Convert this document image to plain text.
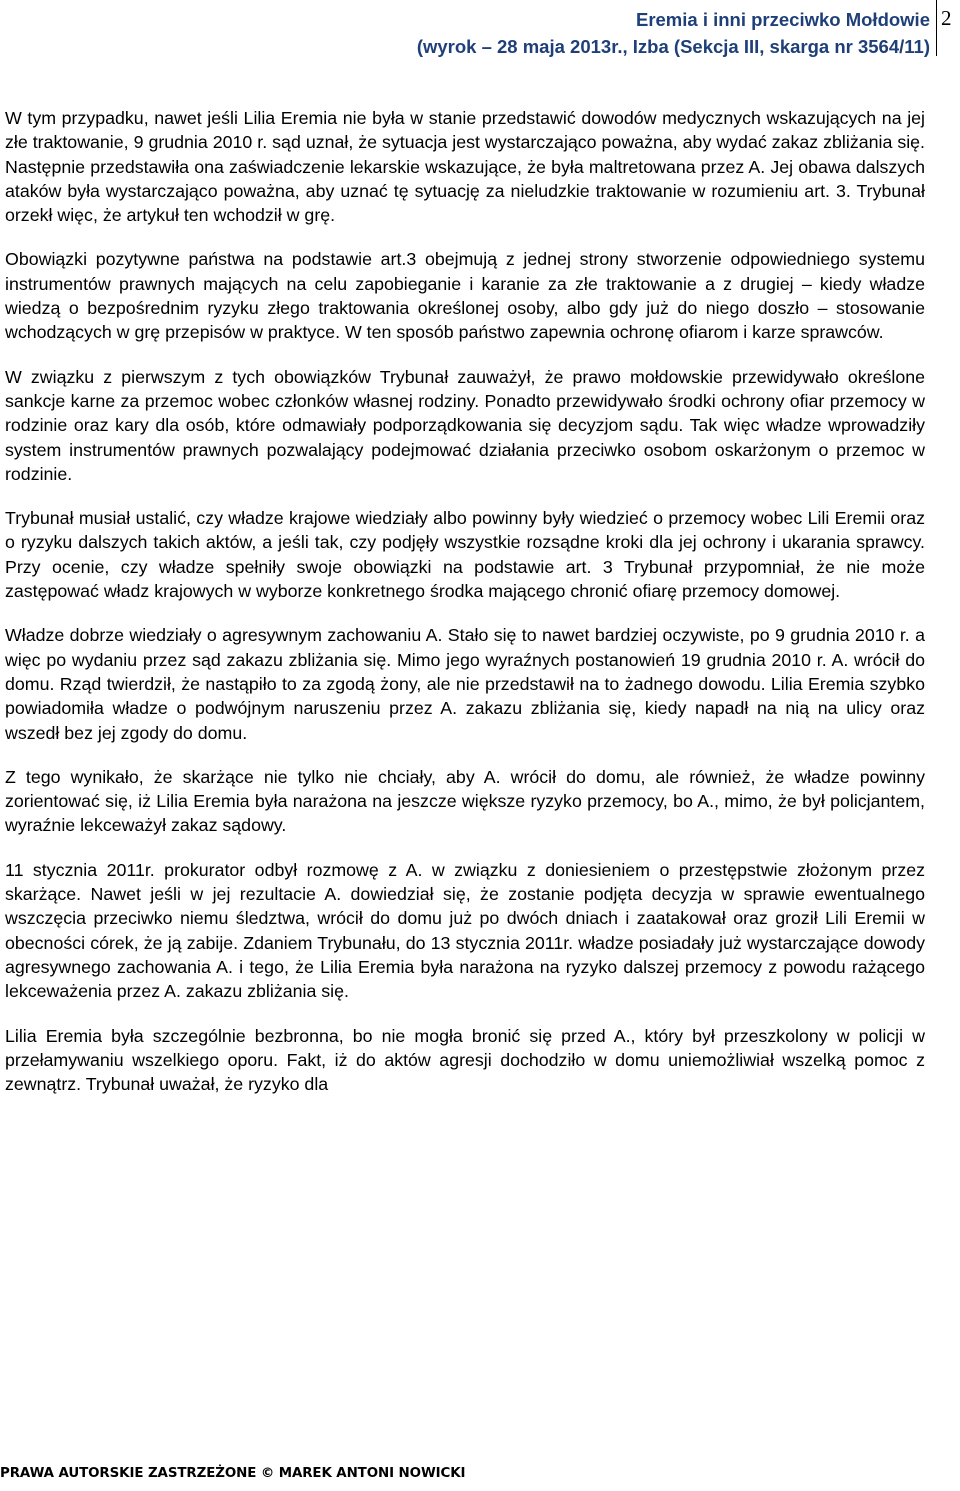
Eremia i inni przeciwko Mołdowie
(wyrok – 28 maja 2013r., Izba (Sekcja III, skarga nr 3564/11)
2

W tym przypadku, nawet jeśli Lilia Eremia nie była w stanie przedstawić dowodów medycznych wskazujących na jej złe traktowanie, 9 grudnia 2010 r. sąd uznał, że sytuacja jest wystarczająco poważna, aby wydać zakaz zbliżania się. Następnie przedstawiła ona zaświadczenie lekarskie wskazujące, że była maltretowana przez A. Jej obawa dalszych ataków była wystarczająco poważna, aby uznać tę sytuację za nieludzkie traktowanie w rozumieniu art. 3. Trybunał orzekł więc, że artykuł ten wchodził w grę.

Obowiązki pozytywne państwa na podstawie art.3 obejmują z jednej strony stworzenie odpowiedniego systemu instrumentów prawnych mających na celu zapobieganie i karanie za złe traktowanie a z drugiej – kiedy władze wiedzą o bezpośrednim ryzyku złego traktowania określonej osoby, albo gdy już do niego doszło – stosowanie wchodzących w grę przepisów w praktyce. W ten sposób państwo zapewnia ochronę ofiarom i karze sprawców.

W związku z pierwszym z tych obowiązków Trybunał zauważył, że prawo mołdowskie przewidywało określone sankcje karne za przemoc wobec członków własnej rodziny. Ponadto przewidywało środki ochrony ofiar przemocy w rodzinie oraz kary dla osób, które odmawiały podporządkowania się decyzjom sądu. Tak więc władze wprowadziły system instrumentów prawnych pozwalający podejmować działania przeciwko osobom oskarżonym o przemoc w rodzinie.

Trybunał musiał ustalić, czy władze krajowe wiedziały albo powinny były wiedzieć o przemocy wobec Lili Eremii oraz o ryzyku dalszych takich aktów, a jeśli tak, czy podjęły wszystkie rozsądne kroki dla jej ochrony i ukarania sprawcy. Przy ocenie, czy władze spełniły swoje obowiązki na podstawie art. 3 Trybunał przypomniał, że nie może zastępować władz krajowych w wyborze konkretnego środka mającego chronić ofiarę przemocy domowej.

Władze dobrze wiedziały o agresywnym zachowaniu A. Stało się to nawet bardziej oczywiste, po 9 grudnia 2010 r. a więc po wydaniu przez sąd zakazu zbliżania się. Mimo jego wyraźnych postanowień 19 grudnia 2010 r. A. wrócił do domu. Rząd twierdził, że nastąpiło to za zgodą żony, ale nie przedstawił na to żadnego dowodu. Lilia Eremia szybko powiadomiła władze o podwójnym naruszeniu przez A. zakazu zbliżania się, kiedy napadł na nią na ulicy oraz wszedł bez jej zgody do domu.

Z tego wynikało, że skarżące nie tylko nie chciały, aby A. wrócił do domu, ale również, że władze powinny zorientować się, iż Lilia Eremia była narażona na jeszcze większe ryzyko przemocy, bo A., mimo, że był policjantem, wyraźnie lekceważył zakaz sądowy.

11 stycznia 2011r. prokurator odbył rozmowę z A. w związku z doniesieniem o przestępstwie złożonym przez skarżące. Nawet jeśli w jej rezultacie A. dowiedział się, że zostanie podjęta decyzja w sprawie ewentualnego wszczęcia przeciwko niemu śledztwa, wrócił do domu już po dwóch dniach i zaatakował oraz groził Lili Eremii w obecności córek, że ją zabije. Zdaniem Trybunału, do 13 stycznia 2011r. władze posiadały już wystarczające dowody agresywnego zachowania A. i tego, że Lilia Eremia była narażona na ryzyko dalszej przemocy z powodu rażącego lekceważenia przez A. zakazu zbliżania się.

Lilia Eremia była szczególnie bezbronna, bo nie mogła bronić się przed A., który był przeszkolony w policji w przełamywaniu wszelkiego oporu. Fakt, iż do aktów agresji dochodziło w domu uniemożliwiał wszelką pomoc z zewnątrz. Trybunał uważał, że ryzyko dla

PRAWA AUTORSKIE ZASTRZEŻONE © MAREK ANTONI NOWICKI
